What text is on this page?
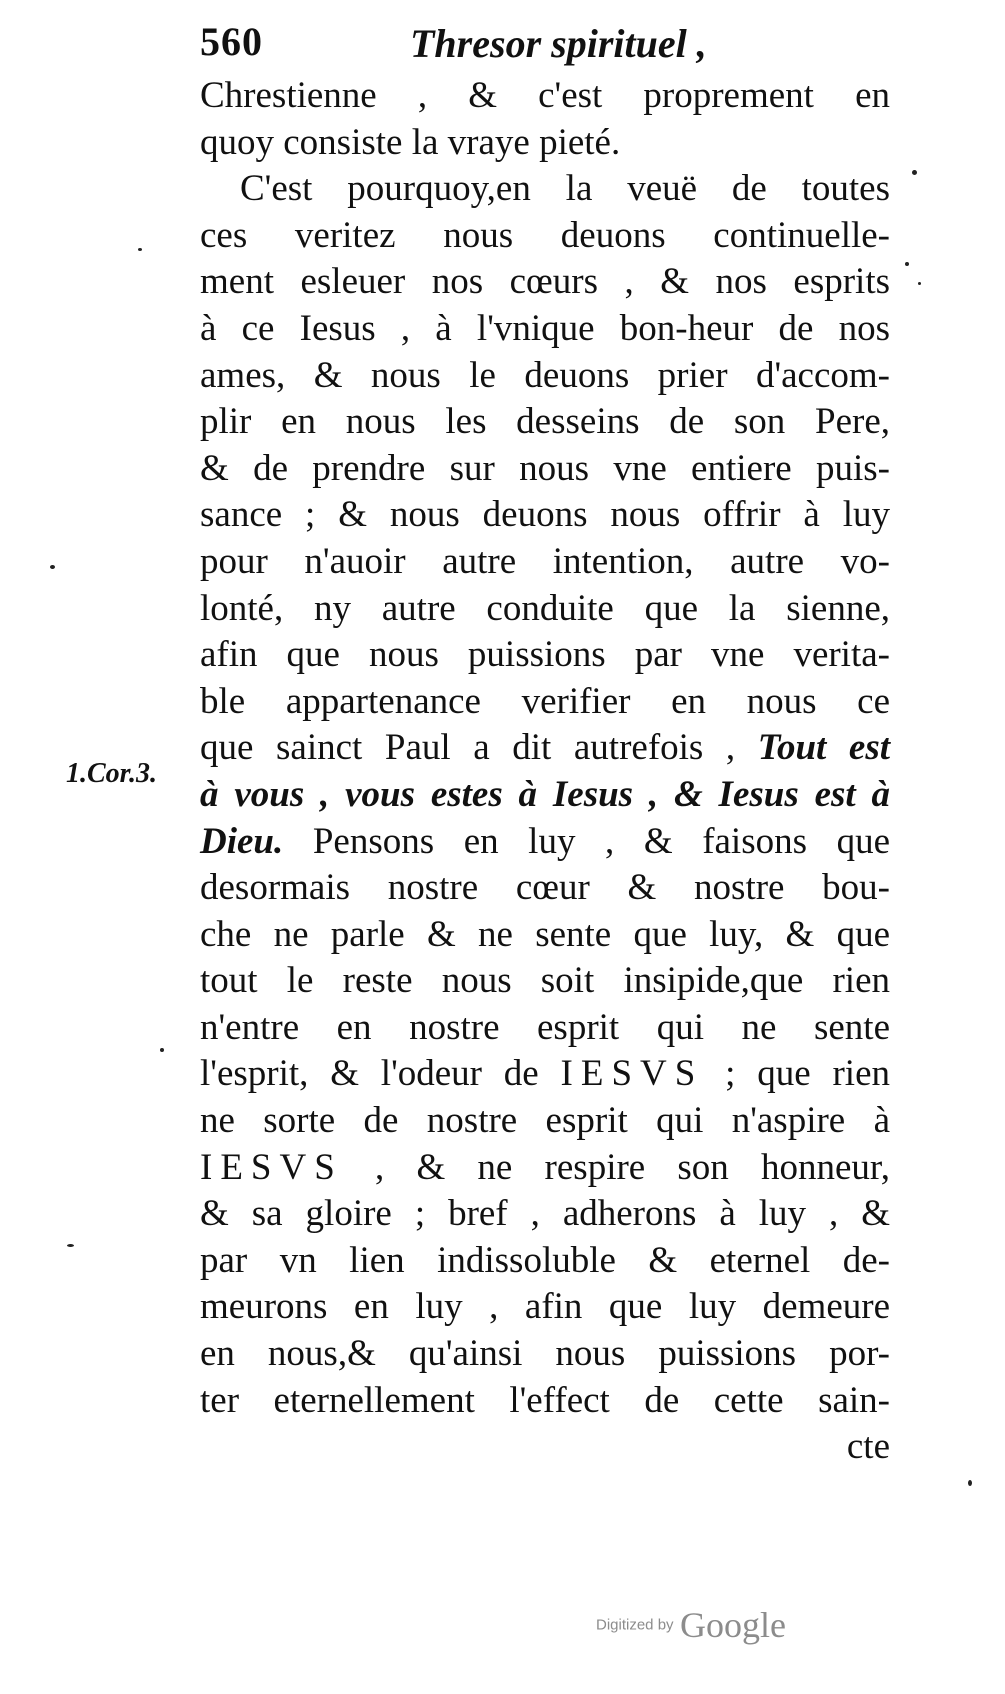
560	Thresor spirituel ,
1.Cor.3.
Chrestienne , & c'est proprement en
quoy consiste la vraye pieté.
C'est pourquoy,en la veuë de toutes
ces veritez nous deuons continuelle-
ment esleuer nos cœurs , & nos esprits
à ce Iesus , à l'vnique bon-heur de nos
ames, & nous le deuons prier d'accom-
plir en nous les desseins de son Pere,
& de prendre sur nous vne entiere puis-
sance ; & nous deuons nous offrir à luy
pour n'auoir autre intention, autre vo-
lonté, ny autre conduite que la sienne,
afin que nous puissions par vne verita-
ble appartenance verifier en nous ce
que sainct Paul a dit autrefois , Tout est
à vous , vous estes à Iesus , & Iesus est à
Dieu. Pensons en luy , & faisons que
desormais nostre cœur & nostre bou-
che ne parle & ne sente que luy, & que
tout le reste nous soit insipide,que rien
n'entre en nostre esprit qui ne sente
l'esprit, & l'odeur de IESVS ; que rien
ne sorte de nostre esprit qui n'aspire à
IESVS , & ne respire son honneur,
& sa gloire ; bref , adherons à luy , &
par vn lien indissoluble & eternel de-
meurons en luy , afin que luy demeure
en nous,& qu'ainsi nous puissions por-
ter eternellement l'effect de cette sain-
cte
Digitized by Google
